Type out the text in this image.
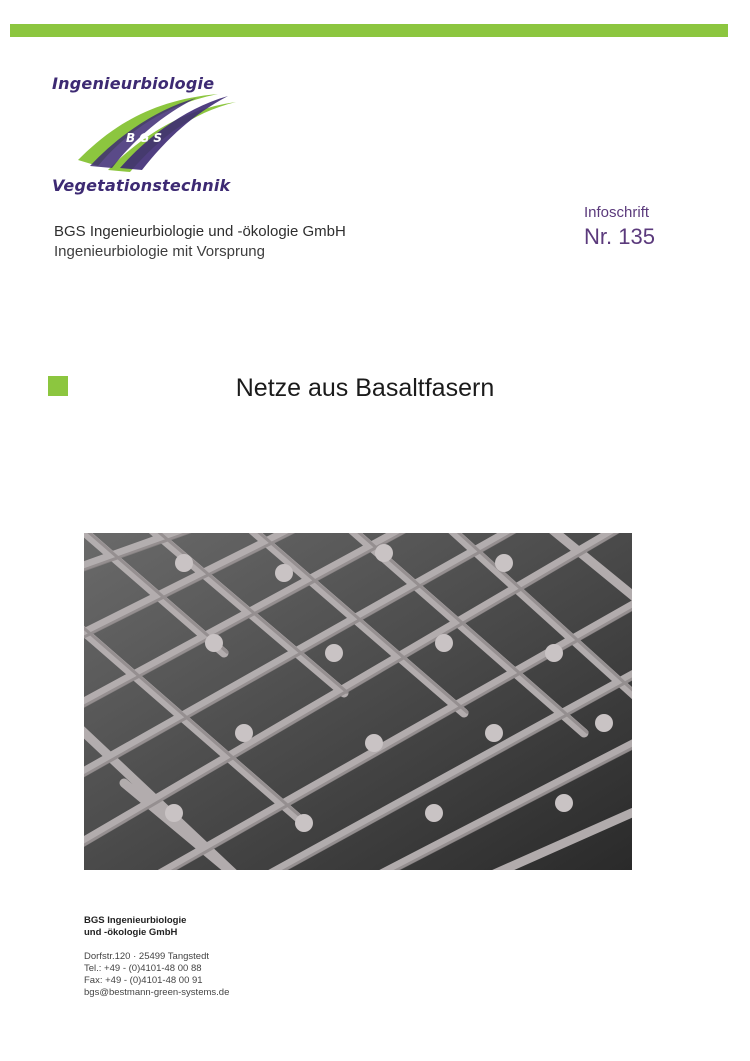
Ingenieurbiologie
B G S
Vegetationstechnik
BGS Ingenieurbiologie und -ökologie GmbH
Ingenieurbiologie mit Vorsprung
Infoschrift
Nr. 135
Netze aus Basaltfasern
BGS Ingenieurbiologie
und -ökologie GmbH
Dorfstr.120 · 25499 Tangstedt
Tel.: +49 - (0)4101-48 00 88
Fax: +49 - (0)4101-48 00 91
bgs@bestmann-green-systems.de
